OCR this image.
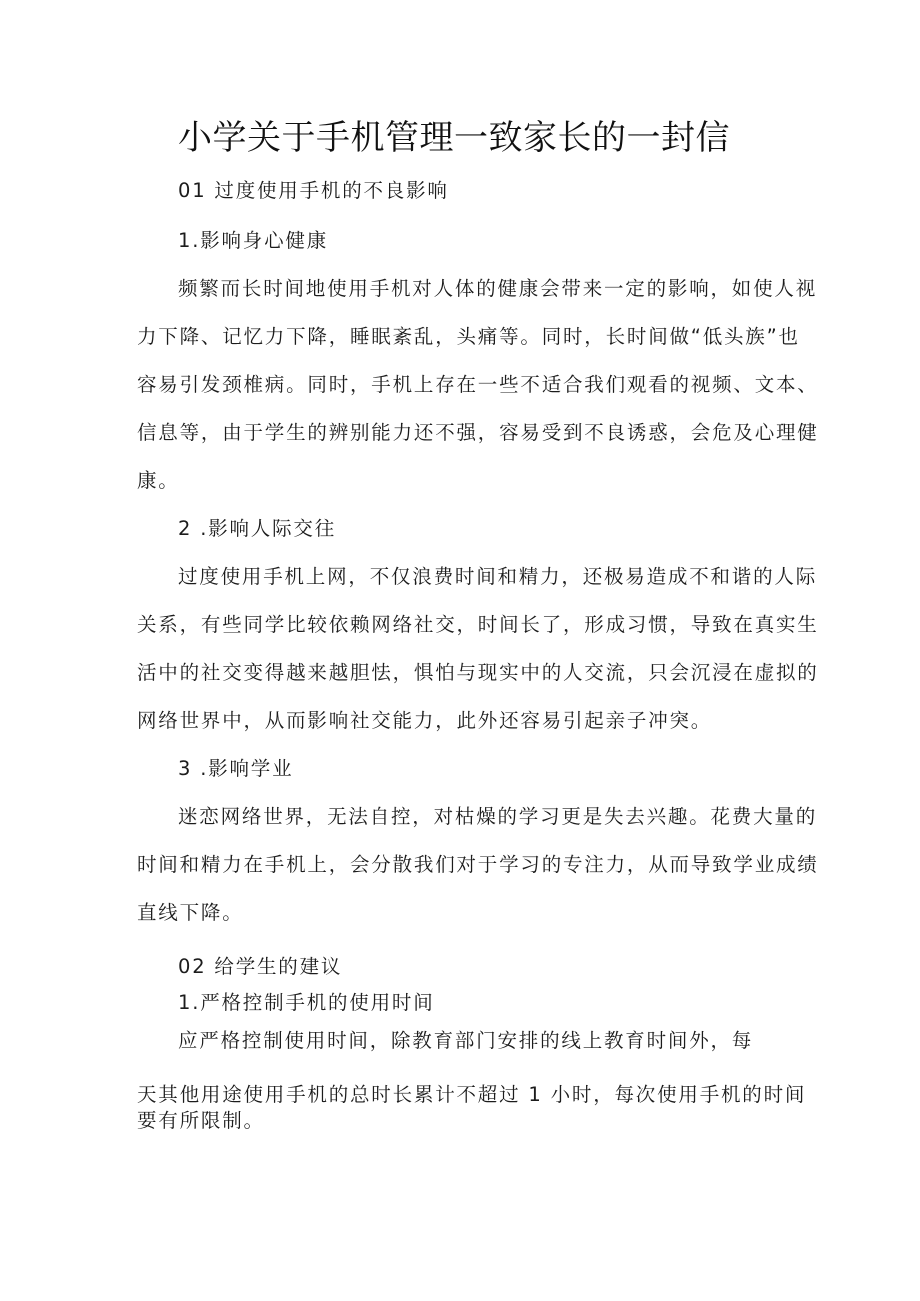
小学关于手机管理一致家长的一封信
01 过度使用手机的不良影响
1.影响身心健康
频繁而长时间地使用手机对人体的健康会带来一定的影响，如使人视
力下降、记忆力下降，睡眠紊乱，头痛等。同时，长时间做“低头族”也
容易引发颈椎病。同时，手机上存在一些不适合我们观看的视频、文本、
信息等，由于学生的辨别能力还不强，容易受到不良诱惑，会危及心理健
康。
2 .影响人际交往
过度使用手机上网，不仅浪费时间和精力，还极易造成不和谐的人际
关系，有些同学比较依赖网络社交，时间长了，形成习惯，导致在真实生
活中的社交变得越来越胆怯，惧怕与现实中的人交流，只会沉浸在虚拟的
网络世界中，从而影响社交能力，此外还容易引起亲子冲突。
3 .影响学业
迷恋网络世界，无法自控，对枯燥的学习更是失去兴趣。花费大量的
时间和精力在手机上，会分散我们对于学习的专注力，从而导致学业成绩
直线下降。
02 给学生的建议
1.严格控制手机的使用时间
应严格控制使用时间，除教育部门安排的线上教育时间外，每
天其他用途使用手机的总时长累计不超过 1 小时，每次使用手机的时间
要有所限制。
